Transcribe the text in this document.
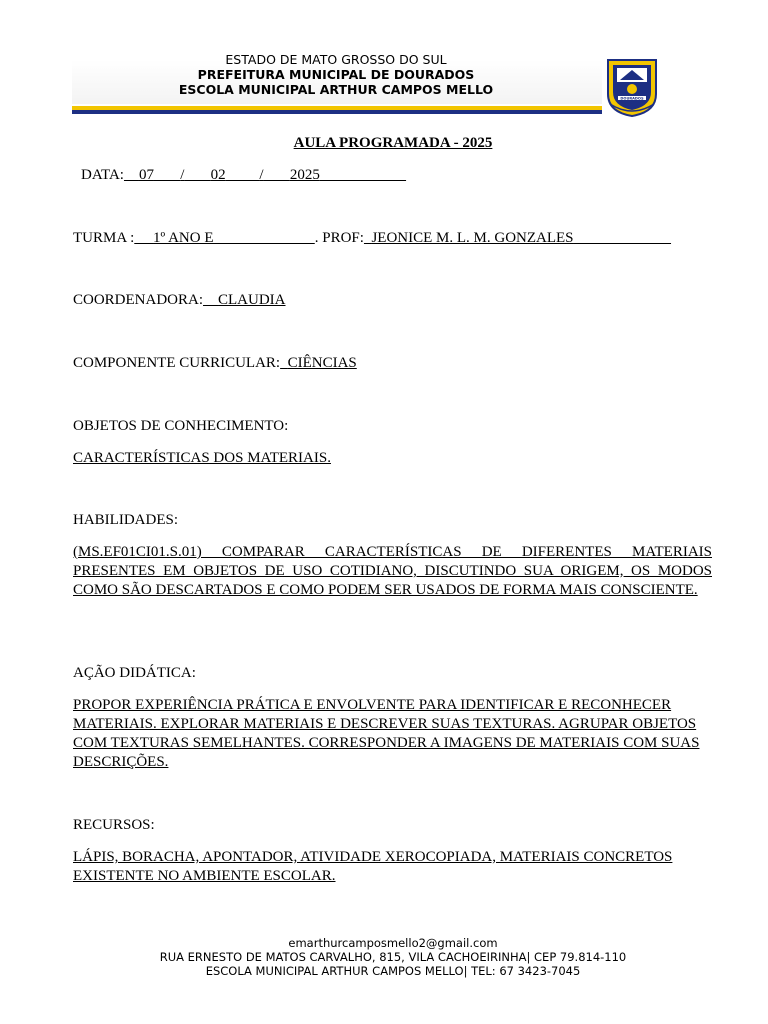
ESTADO DE MATO GROSSO DO SUL
PREFEITURA MUNICIPAL DE DOURADOS
ESCOLA MUNICIPAL ARTHUR CAMPOS MELLO
DOURADOS
AULA PROGRAMADA - 2025
DATA: 07 / 02 / 2025
TURMA : 1º ANO E	. PROF: JEONICE M. L. M. GONZALES
COORDENADORA: CLAUDIA
COMPONENTE CURRICULAR: CIÊNCIAS
OBJETOS DE CONHECIMENTO:
CARACTERÍSTICAS DOS MATERIAIS.
HABILIDADES:
(MS.EF01CI01.S.01) COMPARAR CARACTERÍSTICAS DE DIFERENTES MATERIAIS PRESENTES EM OBJETOS DE USO COTIDIANO, DISCUTINDO SUA ORIGEM, OS MODOS COMO SÃO DESCARTADOS E COMO PODEM SER USADOS DE FORMA MAIS CONSCIENTE.
AÇÃO DIDÁTICA:
PROPOR EXPERIÊNCIA PRÁTICA E ENVOLVENTE PARA IDENTIFICAR E RECONHECER MATERIAIS. EXPLORAR MATERIAIS E DESCREVER SUAS TEXTURAS. AGRUPAR OBJETOS COM TEXTURAS SEMELHANTES. CORRESPONDER A IMAGENS DE MATERIAIS COM SUAS DESCRIÇÕES.
RECURSOS:
LÁPIS, BORACHA, APONTADOR, ATIVIDADE XEROCOPIADA, MATERIAIS CONCRETOS EXISTENTE NO AMBIENTE ESCOLAR.
emarthurcamposmello2@gmail.com
RUA ERNESTO DE MATOS CARVALHO, 815, VILA CACHOEIRINHA| CEP 79.814-110
ESCOLA MUNICIPAL ARTHUR CAMPOS MELLO| TEL: 67 3423-7045
